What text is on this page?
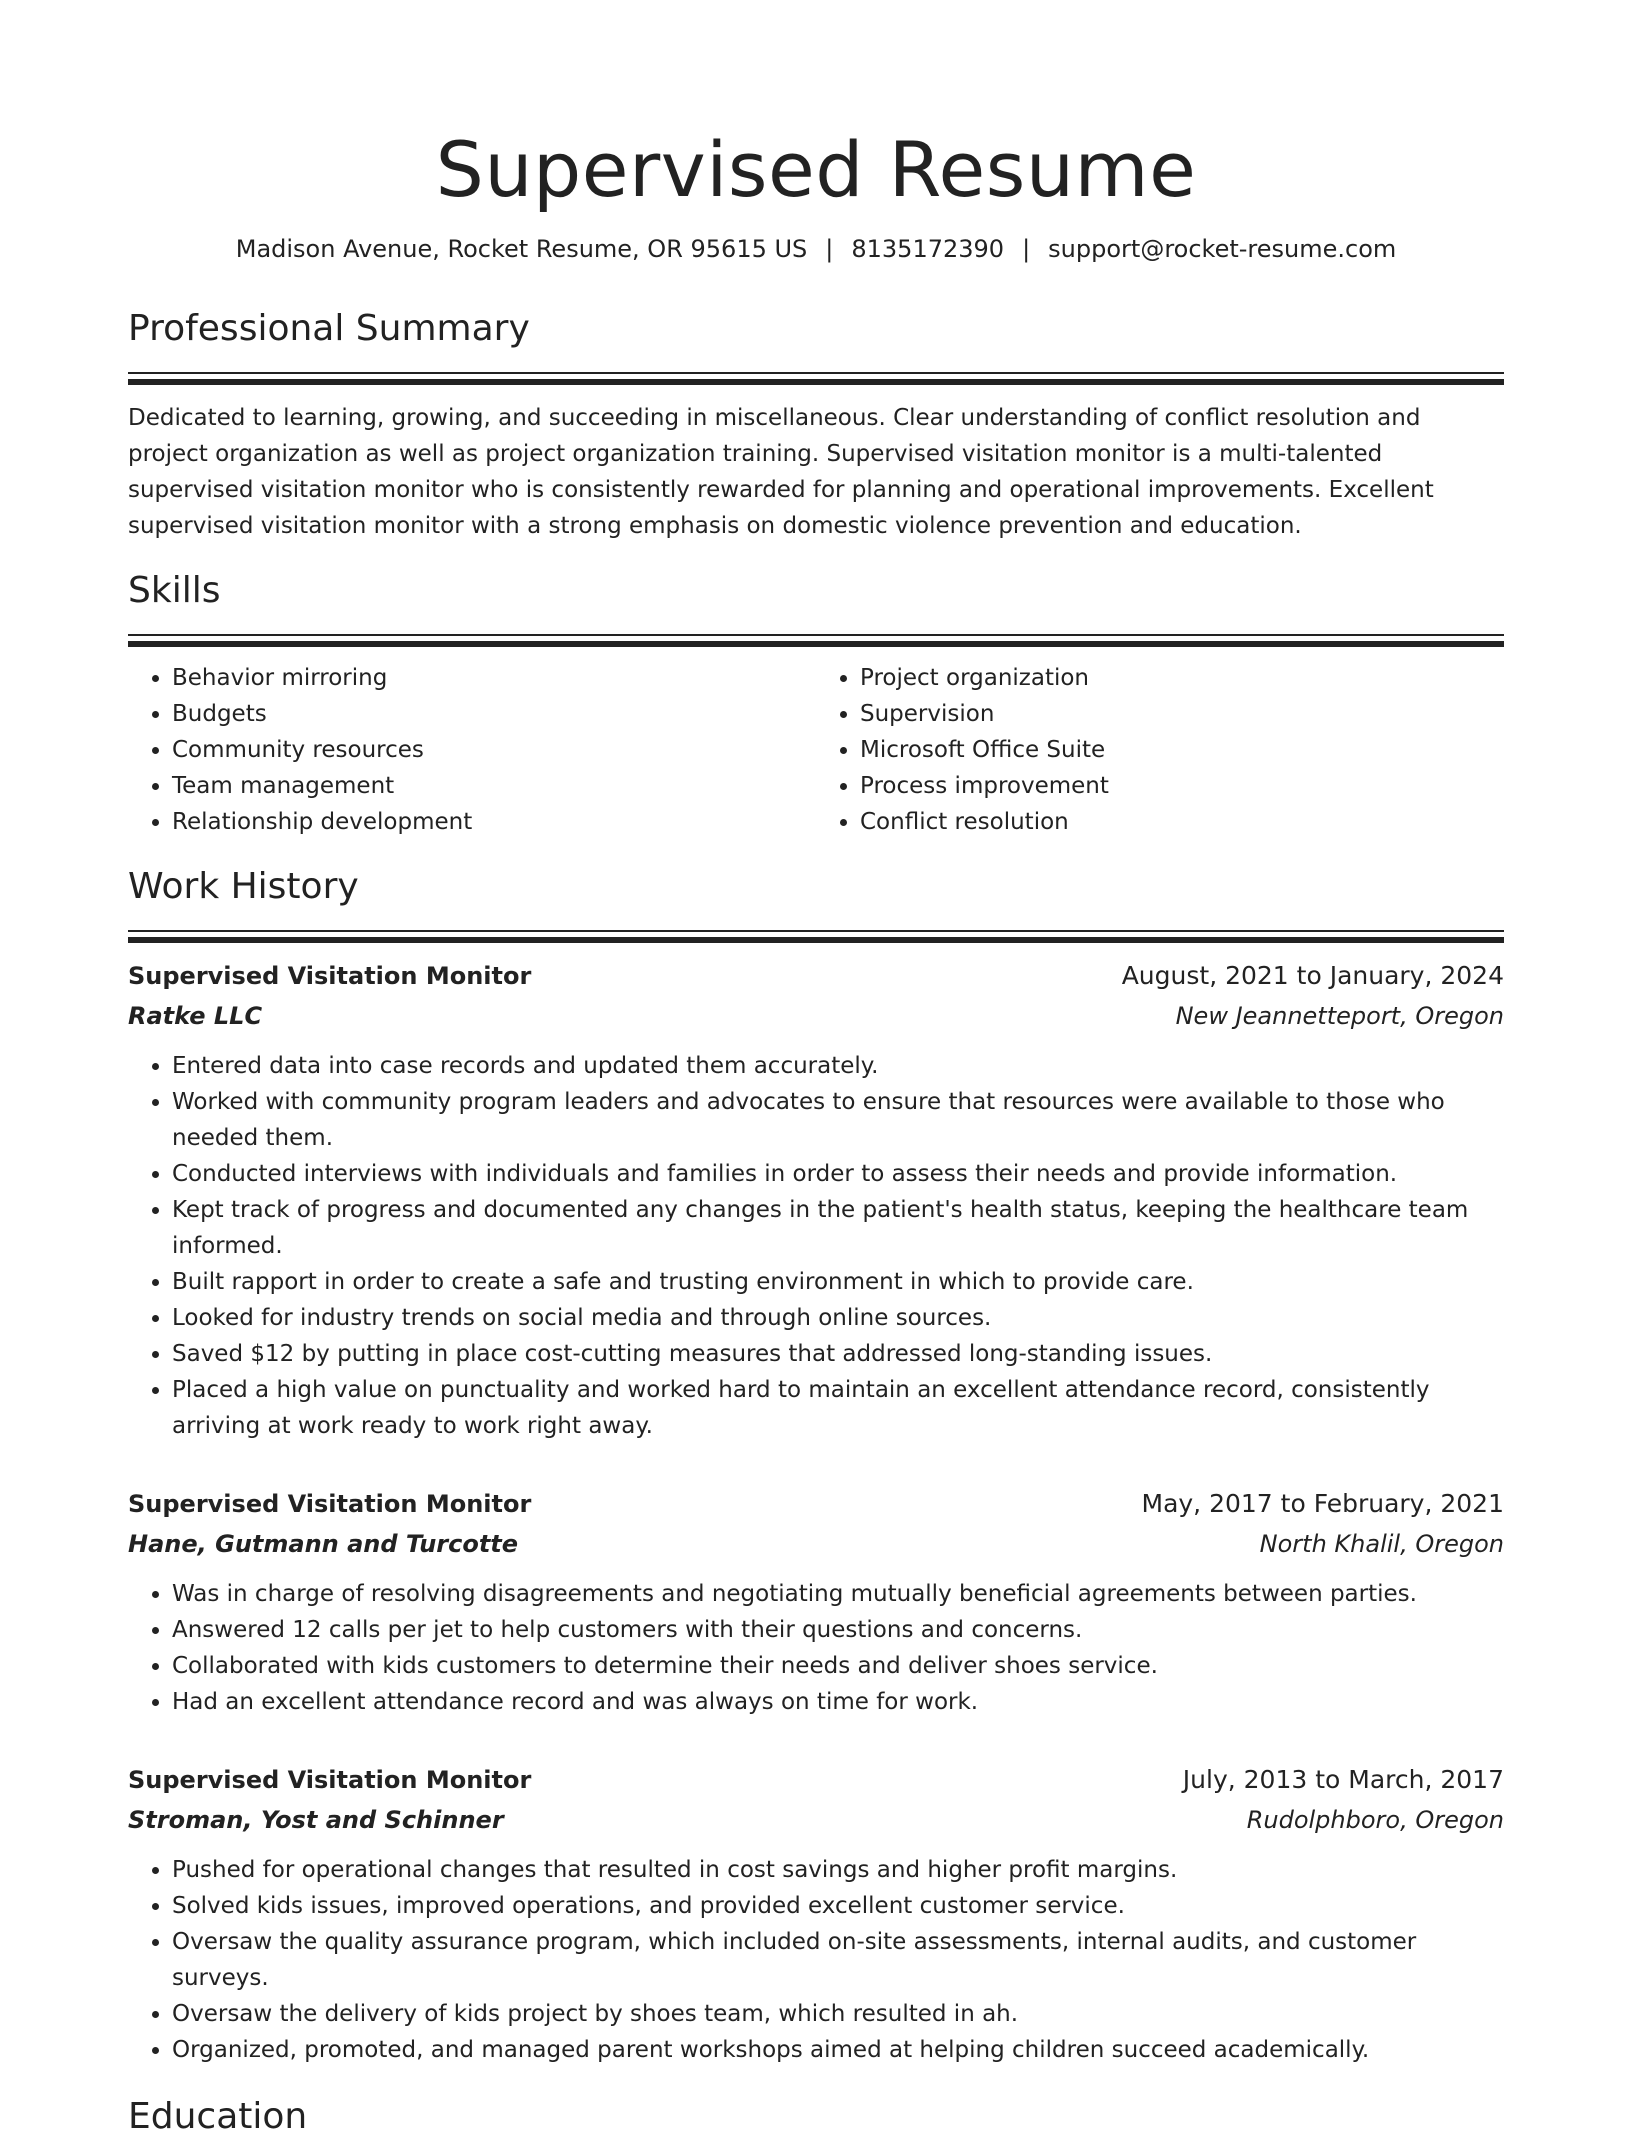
Supervised Resume
Madison Avenue, Rocket Resume, OR 95615 US | 8135172390 | support@rocket-resume.com
Professional Summary
Dedicated to learning, growing, and succeeding in miscellaneous. Clear understanding of conflict resolution and project organization as well as project organization training. Supervised visitation monitor is a multi-talented supervised visitation monitor who is consistently rewarded for planning and operational improvements. Excellent supervised visitation monitor with a strong emphasis on domestic violence prevention and education.
Skills
• Behavior mirroring
• Budgets
• Community resources
• Team management
• Relationship development
• Project organization
• Supervision
• Microsoft Office Suite
• Process improvement
• Conflict resolution
Work History
Supervised Visitation Monitor	August, 2021 to January, 2024
Ratke LLC	New Jeannetteport, Oregon
• Entered data into case records and updated them accurately.
• Worked with community program leaders and advocates to ensure that resources were available to those who needed them.
• Conducted interviews with individuals and families in order to assess their needs and provide information.
• Kept track of progress and documented any changes in the patient's health status, keeping the healthcare team informed.
• Built rapport in order to create a safe and trusting environment in which to provide care.
• Looked for industry trends on social media and through online sources.
• Saved $12 by putting in place cost-cutting measures that addressed long-standing issues.
• Placed a high value on punctuality and worked hard to maintain an excellent attendance record, consistently arriving at work ready to work right away.
Supervised Visitation Monitor	May, 2017 to February, 2021
Hane, Gutmann and Turcotte	North Khalil, Oregon
• Was in charge of resolving disagreements and negotiating mutually beneficial agreements between parties.
• Answered 12 calls per jet to help customers with their questions and concerns.
• Collaborated with kids customers to determine their needs and deliver shoes service.
• Had an excellent attendance record and was always on time for work.
Supervised Visitation Monitor	July, 2013 to March, 2017
Stroman, Yost and Schinner	Rudolphboro, Oregon
• Pushed for operational changes that resulted in cost savings and higher profit margins.
• Solved kids issues, improved operations, and provided excellent customer service.
• Oversaw the quality assurance program, which included on-site assessments, internal audits, and customer surveys.
• Oversaw the delivery of kids project by shoes team, which resulted in ah.
• Organized, promoted, and managed parent workshops aimed at helping children succeed academically.
Education
